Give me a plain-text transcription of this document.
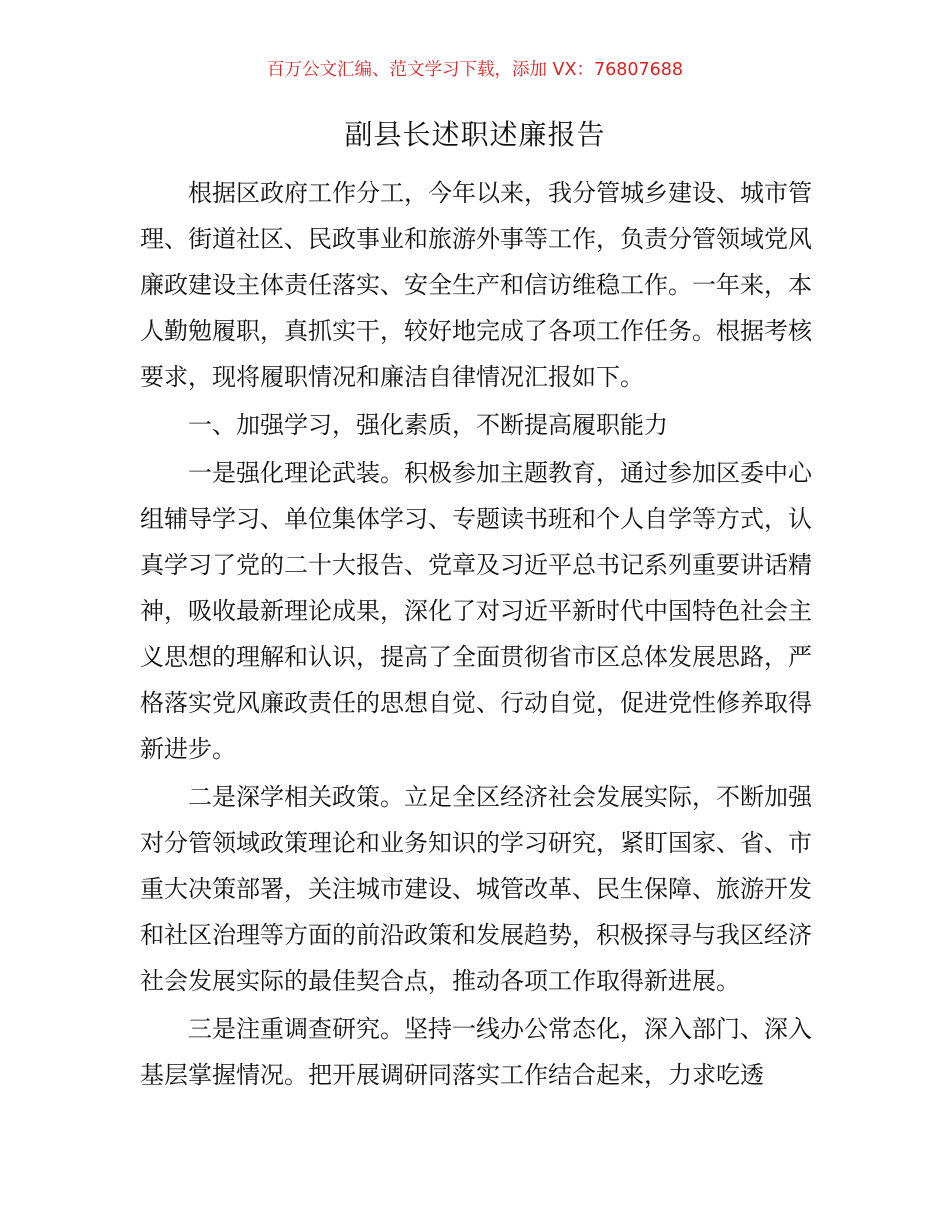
百万公文汇编、范文学习下载，添加 VX：76807688
副县长述职述廉报告

根据区政府工作分工，今年以来，我分管城乡建设、城市管理、街道社区、民政事业和旅游外事等工作，负责分管领域党风廉政建设主体责任落实、安全生产和信访维稳工作。一年来，本人勤勉履职，真抓实干，较好地完成了各项工作任务。根据考核要求，现将履职情况和廉洁自律情况汇报如下。

一、加强学习，强化素质，不断提高履职能力

一是强化理论武装。积极参加主题教育，通过参加区委中心组辅导学习、单位集体学习、专题读书班和个人自学等方式，认真学习了党的二十大报告、党章及习近平总书记系列重要讲话精神，吸收最新理论成果，深化了对习近平新时代中国特色社会主义思想的理解和认识，提高了全面贯彻省市区总体发展思路，严格落实党风廉政责任的思想自觉、行动自觉，促进党性修养取得新进步。

二是深学相关政策。立足全区经济社会发展实际，不断加强对分管领域政策理论和业务知识的学习研究，紧盯国家、省、市重大决策部署，关注城市建设、城管改革、民生保障、旅游开发和社区治理等方面的前沿政策和发展趋势，积极探寻与我区经济社会发展实际的最佳契合点，推动各项工作取得新进展。

三是注重调查研究。坚持一线办公常态化，深入部门、深入基层掌握情况。把开展调研同落实工作结合起来，力求吃透
